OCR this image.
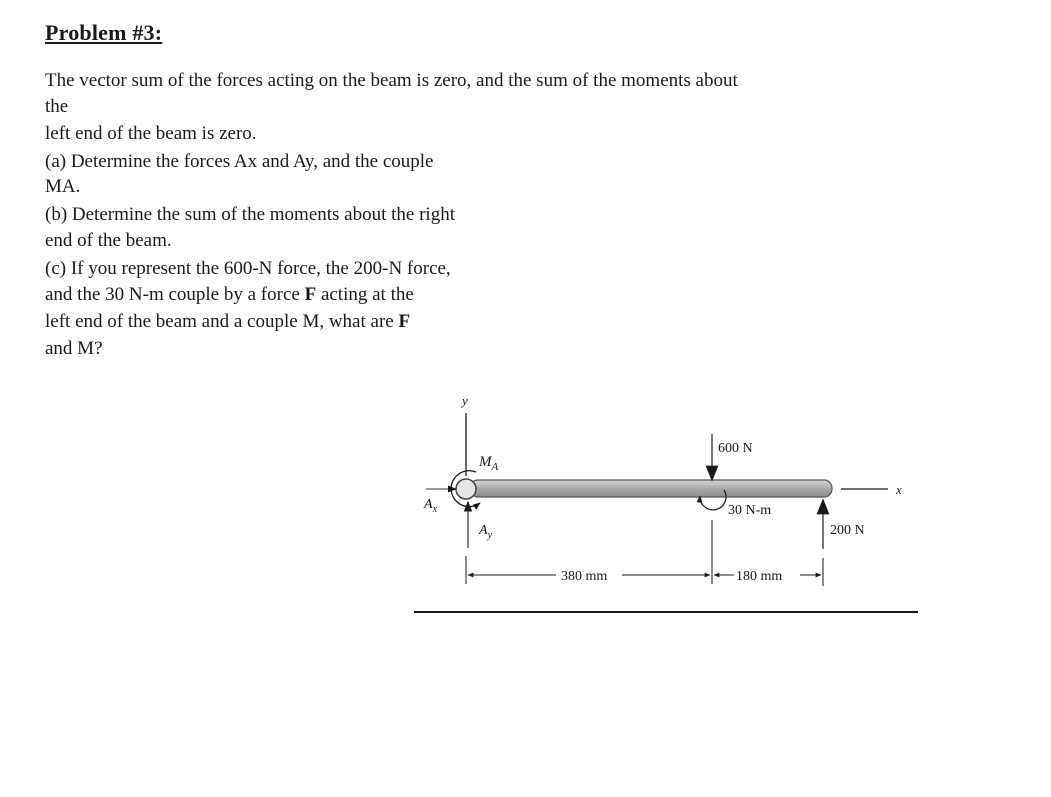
Problem #3:
The vector sum of the forces acting on the beam is zero, and the sum of the moments about
the
left end of the beam is zero.
(a) Determine the forces Ax and Ay, and the couple
MA.
(b) Determine the sum of the moments about the right
end of the beam.
(c) If you represent the 600-N force, the 200-N force,
and the 30 N-m couple by a force F acting at the
left end of the beam and a couple M, what are F
and M?
y
x
$M_A$
$A_x$
$A_y$
600 N
30 N-m
200 N
380 mm	180 mm
